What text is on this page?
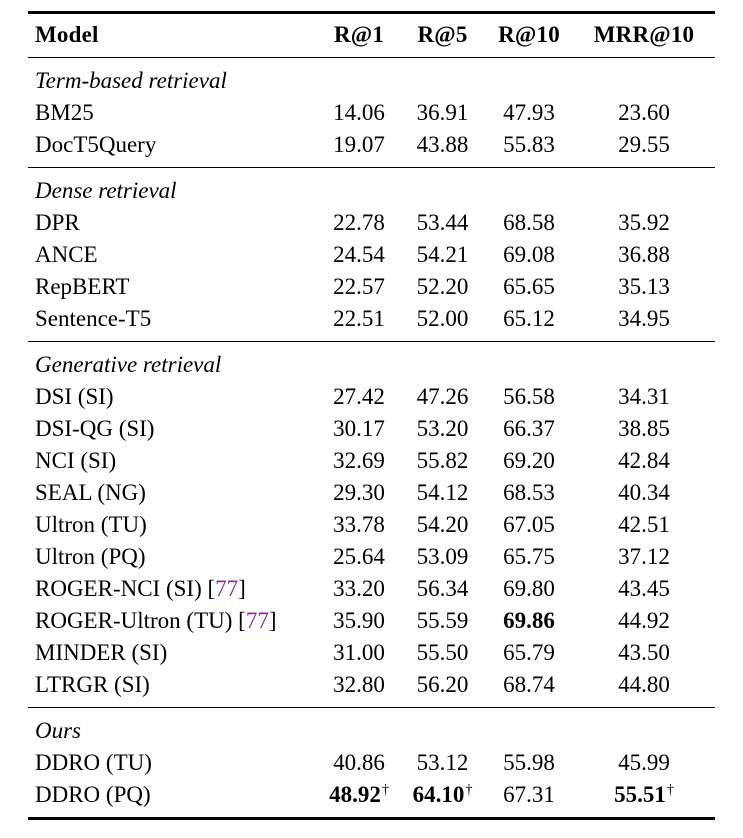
Model	R@1	R@5	R@10	MRR@10
Term-based retrieval				
BM25	14.06	36.91	47.93	23.60
DocT5Query	19.07	43.88	55.83	29.55
Dense retrieval				
DPR	22.78	53.44	68.58	35.92
ANCE	24.54	54.21	69.08	36.88
RepBERT	22.57	52.20	65.65	35.13
Sentence-T5	22.51	52.00	65.12	34.95
Generative retrieval				
DSI (SI)	27.42	47.26	56.58	34.31
DSI-QG (SI)	30.17	53.20	66.37	38.85
NCI (SI)	32.69	55.82	69.20	42.84
SEAL (NG)	29.30	54.12	68.53	40.34
Ultron (TU)	33.78	54.20	67.05	42.51
Ultron (PQ)	25.64	53.09	65.75	37.12
ROGER-NCI (SI) [77]	33.20	56.34	69.80	43.45
ROGER-Ultron (TU) [77]	35.90	55.59	69.86	44.92
MINDER (SI)	31.00	55.50	65.79	43.50
LTRGR (SI)	32.80	56.20	68.74	44.80
Ours				
DDRO (TU)	40.86	53.12	55.98	45.99
DDRO (PQ)	48.92†	64.10†	67.31	55.51†
